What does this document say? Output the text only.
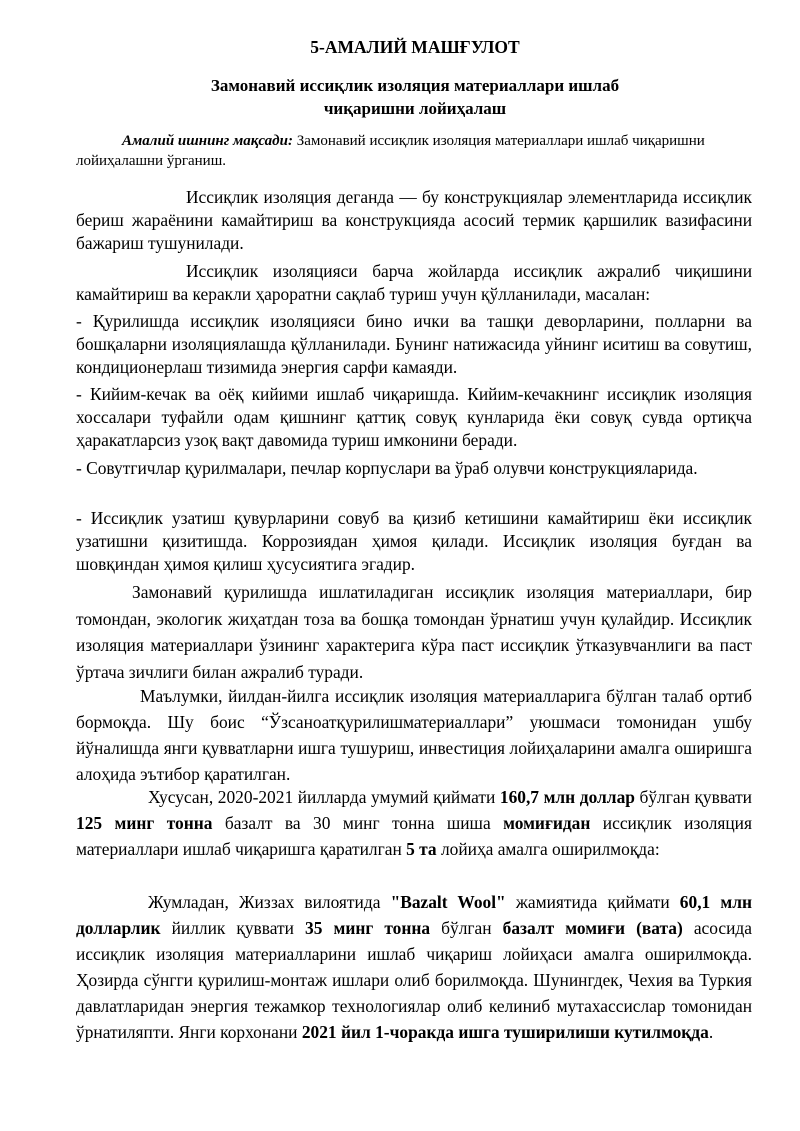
5-АМАЛИЙ МАШҒУЛОТ
Замонавий иссиқлик изоляция материаллари ишлаб
чиқаришни лойиҳалаш
Амалий ишнинг мақсади: Замонавий иссиқлик изоляция материаллари ишлаб чиқаришни лойиҳалашни ўрганиш.
Иссиқлик изоляция деганда — бу конструкциялар элементларида иссиқлик бериш жараёнини камайтириш ва конструкцияда асосий термик қаршилик вазифасини бажариш тушунилади.
Иссиқлик изоляцияси барча жойларда иссиқлик ажралиб чиқишини камайтириш ва керакли ҳароратни сақлаб туриш учун қўлланилади, масалан:
- Қурилишда иссиқлик изоляцияси бино ички ва ташқи деворларини, полларни ва бошқаларни изоляциялашда қўлланилади. Бунинг натижасида уйнинг иситиш ва совутиш, кондиционерлаш тизимида энергия сарфи камаяди.
- Кийим-кечак ва оёқ кийими ишлаб чиқаришда. Кийим-кечакнинг иссиқлик изоляция хоссалари туфайли одам қишнинг қаттиқ совуқ кунларида ёки совуқ сувда ортиқча ҳаракатларсиз узоқ вақт давомида туриш имконини беради.
- Совутгичлар қурилмалари, печлар корпуслари ва ўраб олувчи конструкцияларида.
- Иссиқлик узатиш қувурларини совуб ва қизиб кетишини камайтириш ёки иссиқлик узатишни қизитишда. Коррозиядан ҳимоя қилади. Иссиқлик изоляция буғдан ва шовқиндан ҳимоя қилиш ҳусусиятига эгадир.
Замонавий қурилишда ишлатиладиган иссиқлик изоляция материаллари, бир томондан, экологик жиҳатдан тоза ва бошқа томондан ўрнатиш учун қулайдир. Иссиқлик изоляция материаллари ўзининг характерига кўра паст иссиқлик ўтказувчанлиги ва паст ўртача зичлиги билан ажралиб туради.
Маълумки, йилдан-йилга иссиқлик изоляция материалларига бўлган талаб ортиб бормоқда. Шу боис “Ўзсаноатқурилишматериаллари” уюшмаси томонидан ушбу йўналишда янги қувватларни ишга тушуриш, инвестиция лойиҳаларини амалга оширишга алоҳида эътибор қаратилган.
Хусусан, 2020-2021 йилларда умумий қиймати 160,7 млн доллар бўлган қуввати 125 минг тонна базалт ва 30 минг тонна шиша момиғидан иссиқлик изоляция материаллари ишлаб чиқаришга қаратилган 5 та лойиҳа амалга оширилмоқда:
Жумладан, Жиззах вилоятида "Bazalt Wool" жамиятида қиймати 60,1 млн долларлик йиллик қуввати 35 минг тонна бўлган базалт момиғи (вата) асосида иссиқлик изоляция материалларини ишлаб чиқариш лойиҳаси амалга оширилмоқда. Ҳозирда сўнгги қурилиш-монтаж ишлари олиб борилмоқда. Шунингдек, Чехия ва Туркия давлатларидан энергия тежамкор технологиялар олиб келиниб мутахассислар томонидан ўрнатиляпти. Янги корхонани 2021 йил 1-чоракда ишга туширилиши кутилмоқда.
